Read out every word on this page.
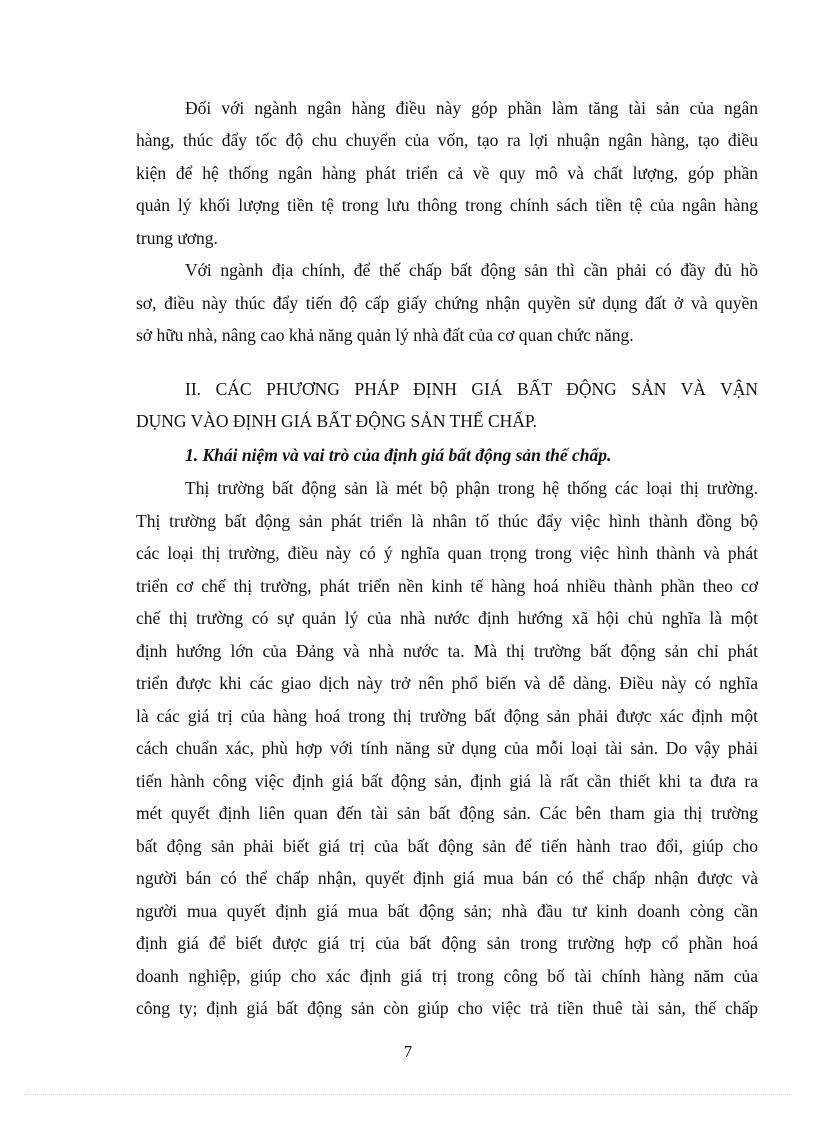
Đối với ngành ngân hàng điều này góp phần làm tăng tài sản của ngân
hàng, thúc đẩy tốc độ chu chuyển của vốn, tạo ra lợi nhuận ngân hàng, tạo điều
kiện để hệ thống ngân hàng phát triển cả về quy mô và chất lượng, góp phần
quản lý khối lượng tiền tệ trong lưu thông trong chính sách tiền tệ của ngân hàng
trung ương.
Với ngành địa chính, để thế chấp bất động sản thì cần phải có đầy đủ hồ
sơ, điều này thúc đẩy tiến độ cấp giấy chứng nhận quyền sử dụng đất ở và quyền
sở hữu nhà, nâng cao khả năng quản lý nhà đất của cơ quan chức năng.
II. CÁC PHƯƠNG PHÁP ĐỊNH GIÁ BẤT ĐỘNG SẢN VÀ VẬN
DỤNG VÀO ĐỊNH GIÁ BẤT ĐỘNG SẢN THẾ CHẤP.
1. Khái niệm và vai trò của định giá bất động sản thế chấp.
Thị trường bất động sản là mét bộ phận trong hệ thống các loại thị trường.
Thị trường bất động sản phát triển là nhân tố thúc đẩy việc hình thành đồng bộ
các loại thị trường, điều này có ý nghĩa quan trọng trong việc hình thành và phát
triển cơ chế thị trường, phát triển nền kinh tế hàng hoá nhiều thành phần theo cơ
chế thị trường có sự quản lý của nhà nước định hướng xã hội chủ nghĩa là một
định hướng lớn của Đảng và nhà nước ta. Mà thị trường bất động sản chỉ phát
triển được khi các giao dịch này trở nên phổ biến và dễ dàng. Điều này có nghĩa
là các giá trị của hàng hoá trong thị trường bất động sản phải được xác định một
cách chuẩn xác, phù hợp với tính năng sử dụng của mỗi loại tài sản. Do vậy phải
tiến hành công việc định giá bất động sản, định giá là rất cần thiết khi ta đưa ra
mét quyết định liên quan đến tài sản bất động sản. Các bên tham gia thị trường
bất động sản phải biết giá trị của bất động sản để tiến hành trao đổi, giúp cho
người bán có thể chấp nhận, quyết định giá mua bán có thể chấp nhận được và
người mua quyết định giá mua bất động sản; nhà đầu tư kinh doanh còng cần
định giá để biết được giá trị của bất động sản trong trường hợp cổ phần hoá
doanh nghiệp, giúp cho xác định giá trị trong công bố tài chính hàng năm của
công ty; định giá bất động sản còn giúp cho việc trả tiền thuê tài sản, thế chấp
7
